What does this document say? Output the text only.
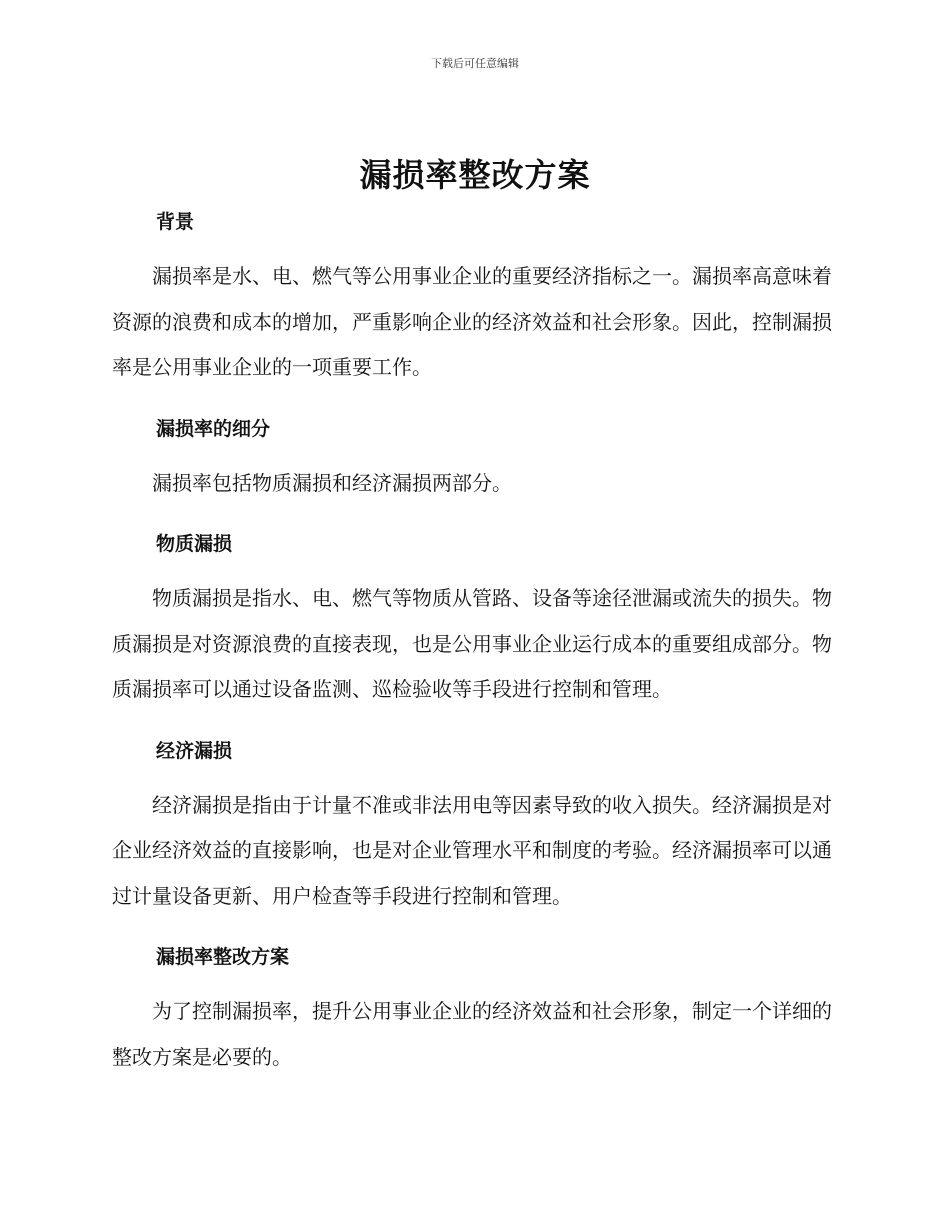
下载后可任意编辑
漏损率整改方案
背景

漏损率是水、电、燃气等公用事业企业的重要经济指标之一。漏损率高意味着资源的浪费和成本的增加，严重影响企业的经济效益和社会形象。因此，控制漏损率是公用事业企业的一项重要工作。

漏损率的细分

漏损率包括物质漏损和经济漏损两部分。

物质漏损

物质漏损是指水、电、燃气等物质从管路、设备等途径泄漏或流失的损失。物质漏损是对资源浪费的直接表现，也是公用事业企业运行成本的重要组成部分。物质漏损率可以通过设备监测、巡检验收等手段进行控制和管理。

经济漏损

经济漏损是指由于计量不准或非法用电等因素导致的收入损失。经济漏损是对企业经济效益的直接影响，也是对企业管理水平和制度的考验。经济漏损率可以通过计量设备更新、用户检查等手段进行控制和管理。

漏损率整改方案

为了控制漏损率，提升公用事业企业的经济效益和社会形象，制定一个详细的整改方案是必要的。
